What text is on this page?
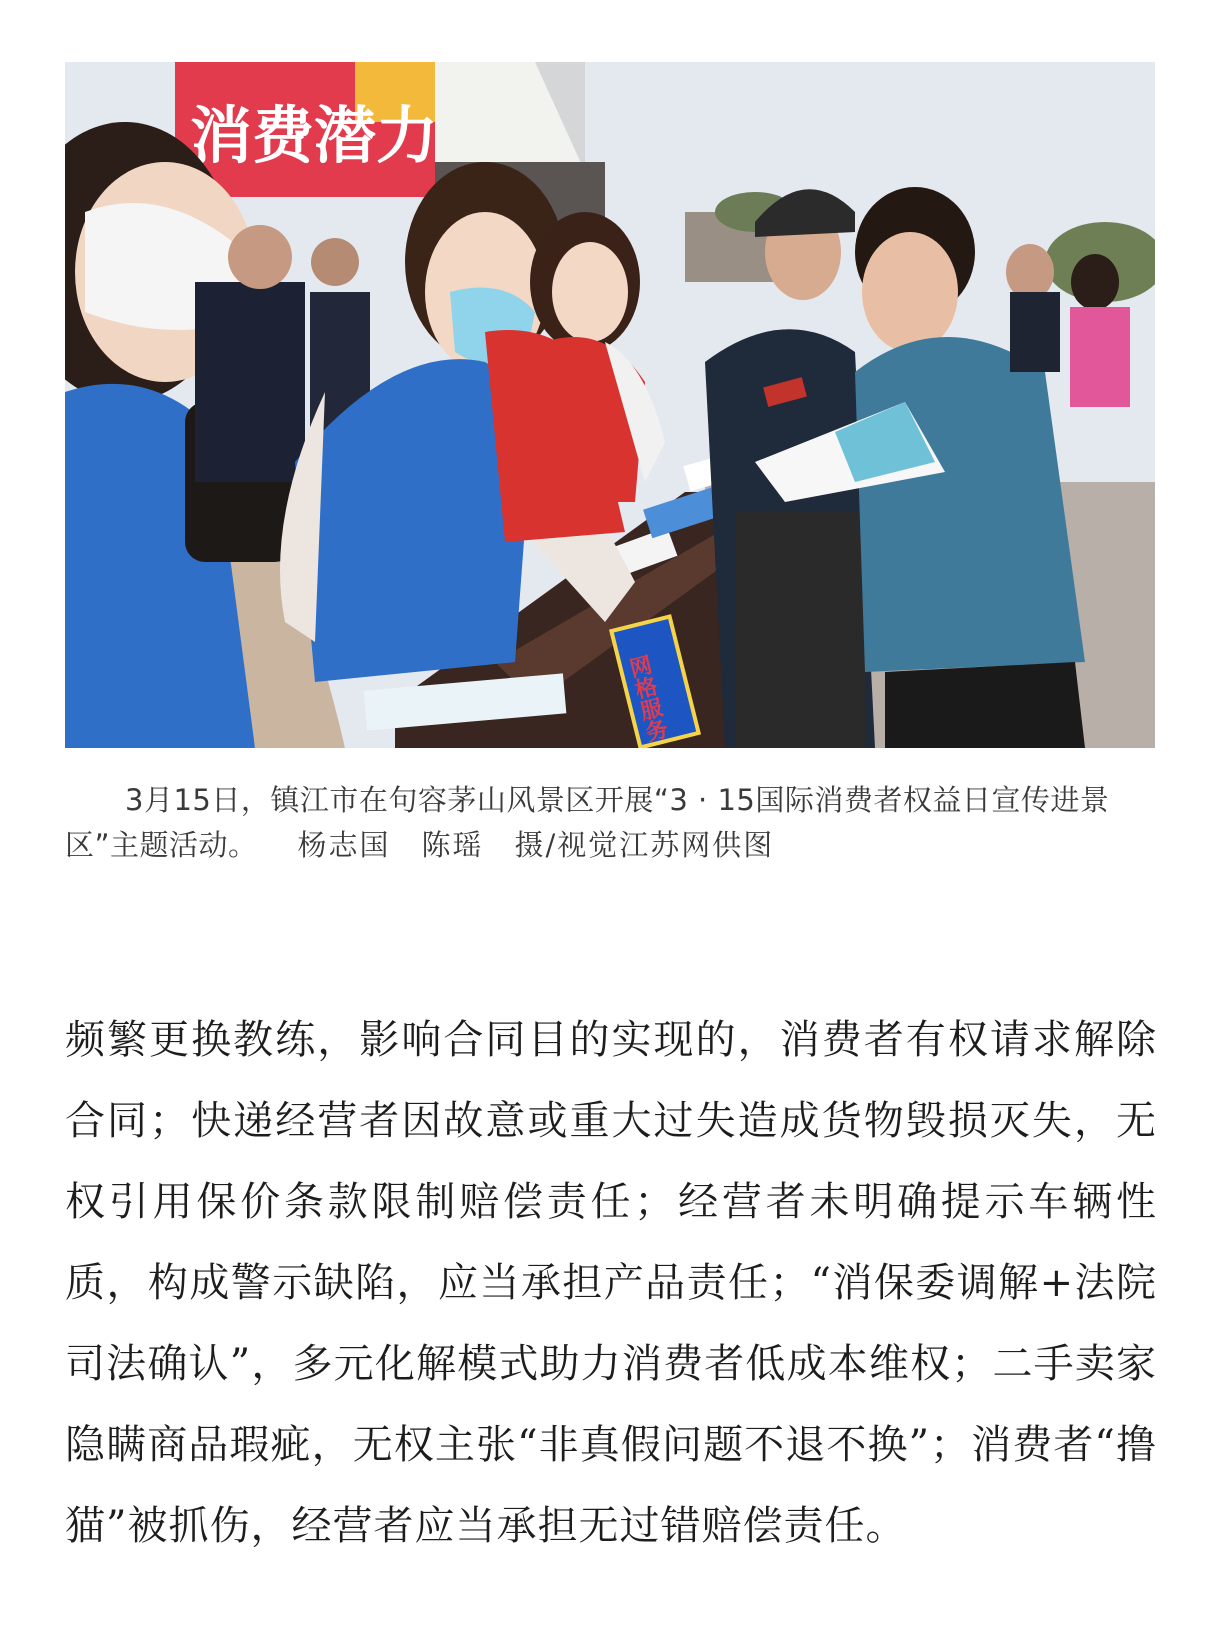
消费潜力
网格服务
3月15日，镇江市在句容茅山风景区开展“3 · 15国际消费者权益日宣传进景区”主题活动。 杨志国　陈瑶　摄/视觉江苏网供图
频繁更换教练，影响合同目的实现的，消费者有权请求解除合同；快递经营者因故意或重大过失造成货物毁损灭失，无权引用保价条款限制赔偿责任；经营者未明确提示车辆性质，构成警示缺陷，应当承担产品责任；“消保委调解+法院司法确认”，多元化解模式助力消费者低成本维权；二手卖家隐瞒商品瑕疵，无权主张“非真假问题不退不换”；消费者“撸猫”被抓伤，经营者应当承担无过错赔偿责任。
